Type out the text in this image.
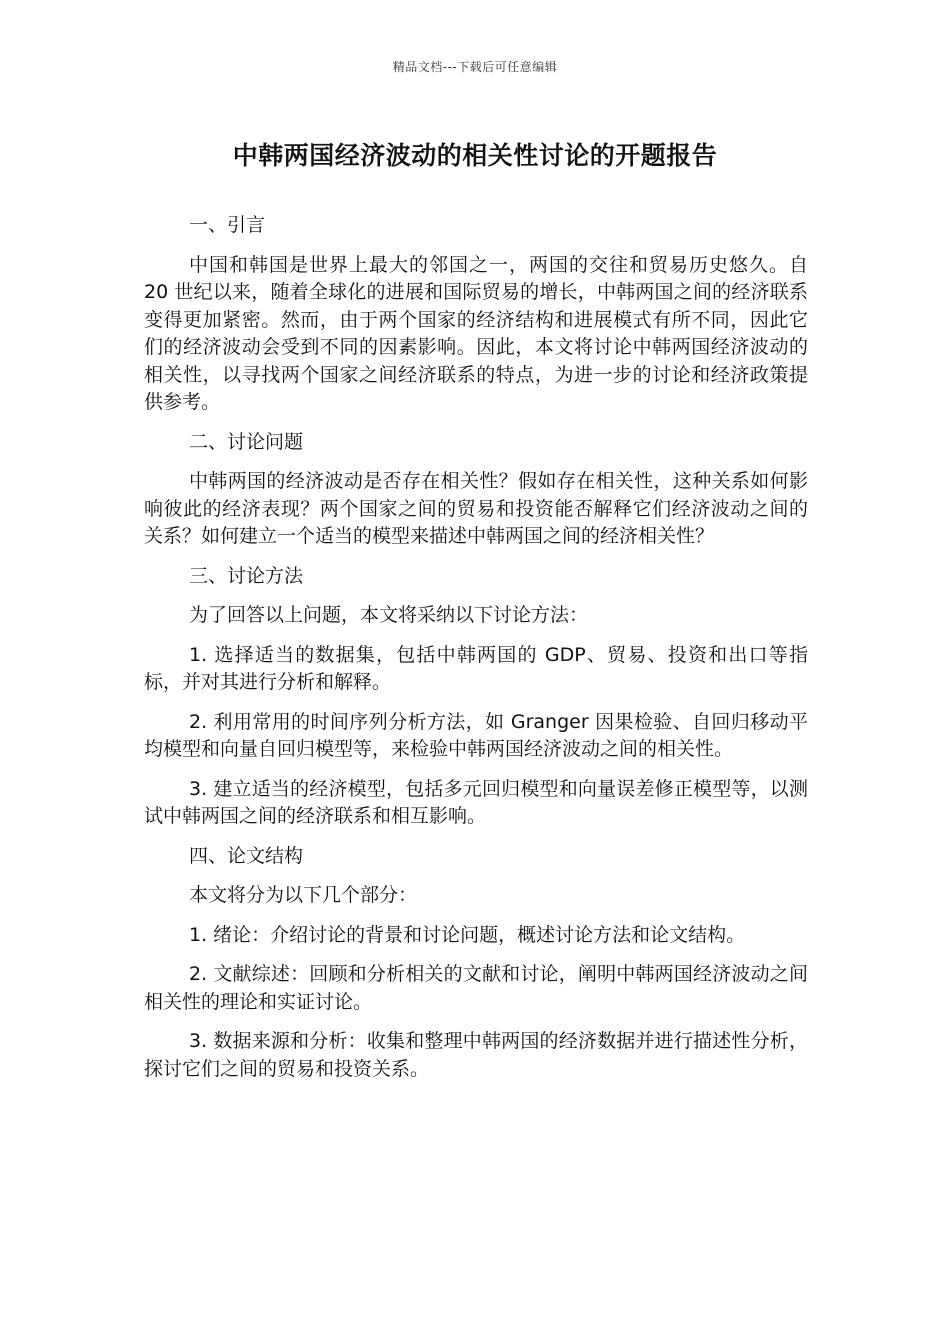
精品文档---下载后可任意编辑
中韩两国经济波动的相关性讨论的开题报告

一、引言

中国和韩国是世界上最大的邻国之一，两国的交往和贸易历史悠久。自 20 世纪以来，随着全球化的进展和国际贸易的增长，中韩两国之间的经济联系变得更加紧密。然而，由于两个国家的经济结构和进展模式有所不同，因此它们的经济波动会受到不同的因素影响。因此，本文将讨论中韩两国经济波动的相关性，以寻找两个国家之间经济联系的特点，为进一步的讨论和经济政策提供参考。

二、讨论问题

中韩两国的经济波动是否存在相关性？假如存在相关性，这种关系如何影响彼此的经济表现？两个国家之间的贸易和投资能否解释它们经济波动之间的关系？如何建立一个适当的模型来描述中韩两国之间的经济相关性？

三、讨论方法

为了回答以上问题，本文将采纳以下讨论方法：

1. 选择适当的数据集，包括中韩两国的 GDP、贸易、投资和出口等指标，并对其进行分析和解释。

2. 利用常用的时间序列分析方法，如 Granger 因果检验、自回归移动平均模型和向量自回归模型等，来检验中韩两国经济波动之间的相关性。

3. 建立适当的经济模型，包括多元回归模型和向量误差修正模型等，以测试中韩两国之间的经济联系和相互影响。

四、论文结构

本文将分为以下几个部分：

1. 绪论：介绍讨论的背景和讨论问题，概述讨论方法和论文结构。

2. 文献综述：回顾和分析相关的文献和讨论，阐明中韩两国经济波动之间相关性的理论和实证讨论。

3. 数据来源和分析：收集和整理中韩两国的经济数据并进行描述性分析，探讨它们之间的贸易和投资关系。
